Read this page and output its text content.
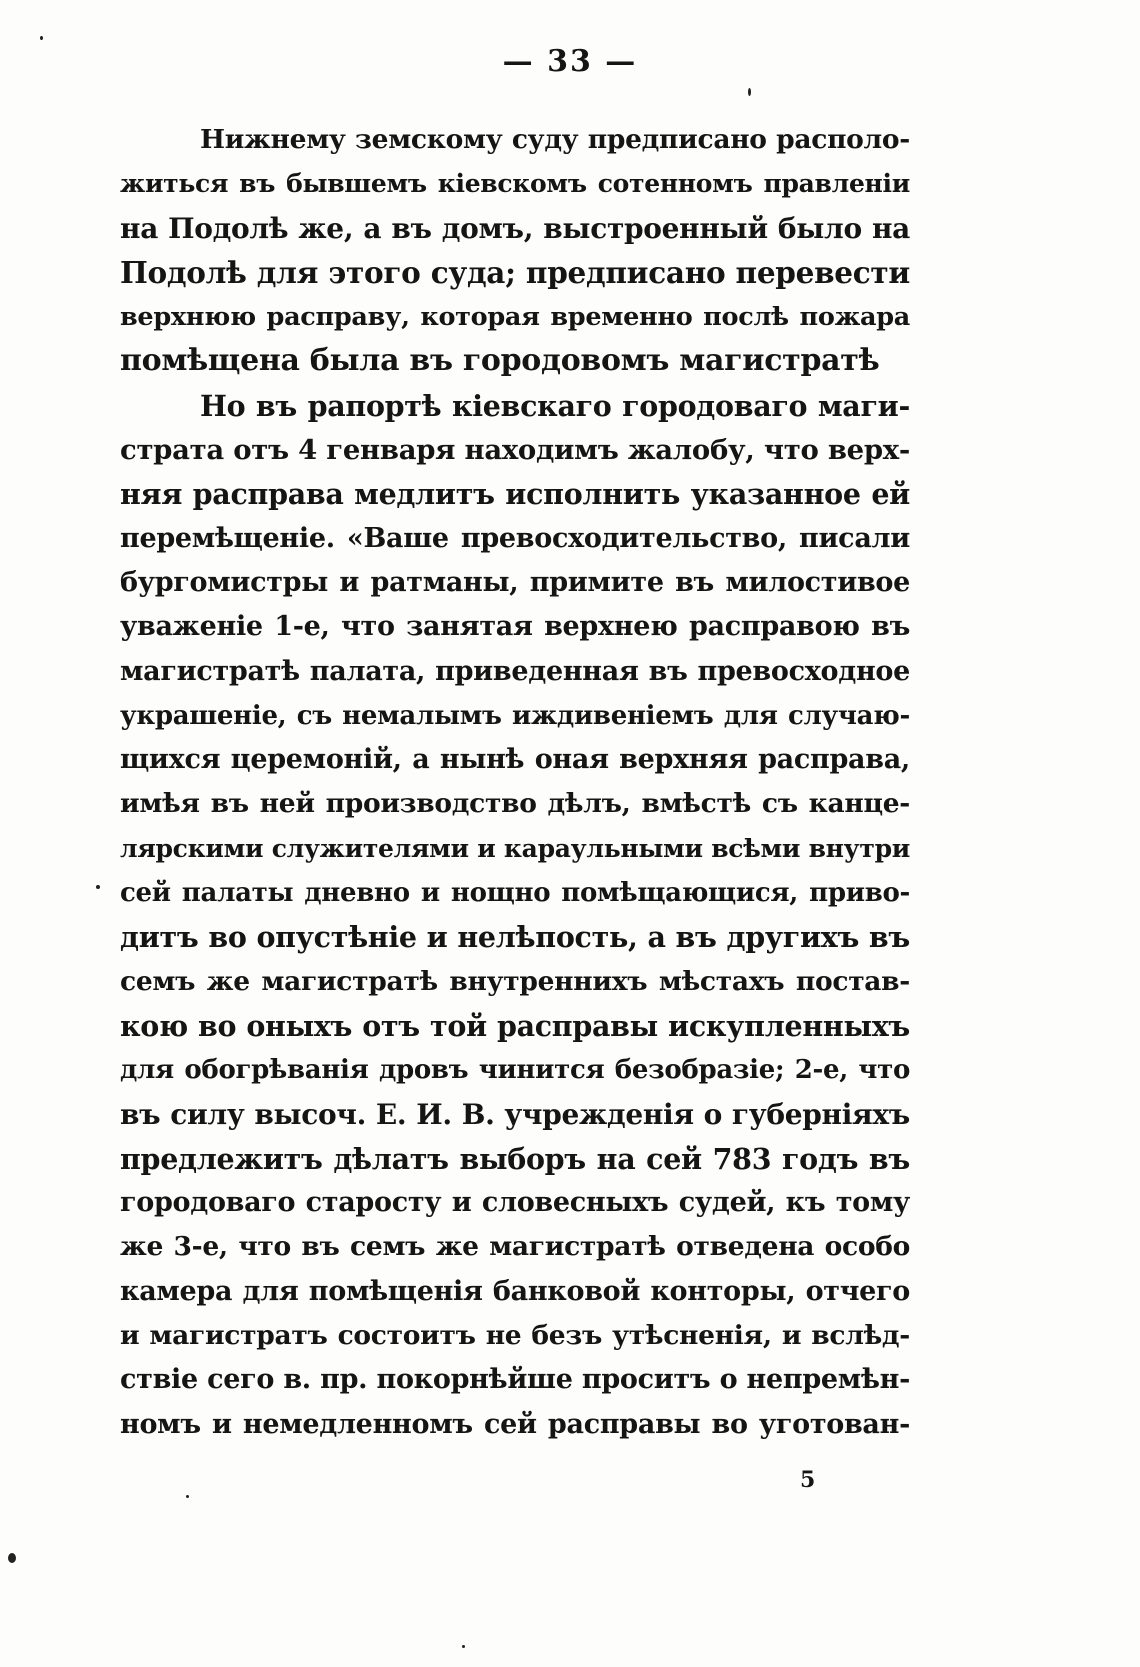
— 33 —
Нижнему земскому суду предписано располо-
житься въ бывшемъ кіевскомъ сотенномъ правленіи
на Подолѣ же, а въ домъ, выстроенный было на
Подолѣ для этого суда; предписано перевести
верхнюю расправу, которая временно послѣ пожара
помѣщена была въ городовомъ магистратѣ
Но въ рапортѣ кіевскаго городоваго маги-
страта отъ 4 генваря находимъ жалобу, что верх-
няя расправа медлитъ исполнить указанное ей
перемѣщеніе. «Ваше превосходительство, писали
бургомистры и ратманы, примите въ милостивое
уваженіе 1-е, что занятая верхнею расправою въ
магистратѣ палата, приведенная въ превосходное
украшеніе, съ немалымъ иждивеніемъ для случаю-
щихся церемоній, а нынѣ оная верхняя расправа,
имѣя въ ней производство дѣлъ, вмѣстѣ съ канце-
лярскими служителями и караульными всѣми внутри
сей палаты дневно и нощно помѣщающися, приво-
дитъ во опустѣніе и нелѣпость, а въ другихъ въ
семъ же магистратѣ внутреннихъ мѣстахъ постав-
кою во оныхъ отъ той расправы искупленныхъ
для обогрѣванія дровъ чинится безобразіе; 2-е, что
въ силу высоч. Е. И. В. учрежденія о губерніяхъ
предлежитъ дѣлатъ выборъ на сей 783 годъ въ
городоваго старосту и словесныхъ судей, къ тому
же 3-е, что въ семъ же магистратѣ отведена особо
камера для помѣщенія банковой конторы, отчего
и магистратъ состоитъ не безъ утѣсненія, и вслѣд-
ствіе сего в. пр. покорнѣйше проситъ о непремѣн-
номъ и немедленномъ сей расправы во уготован-
5
